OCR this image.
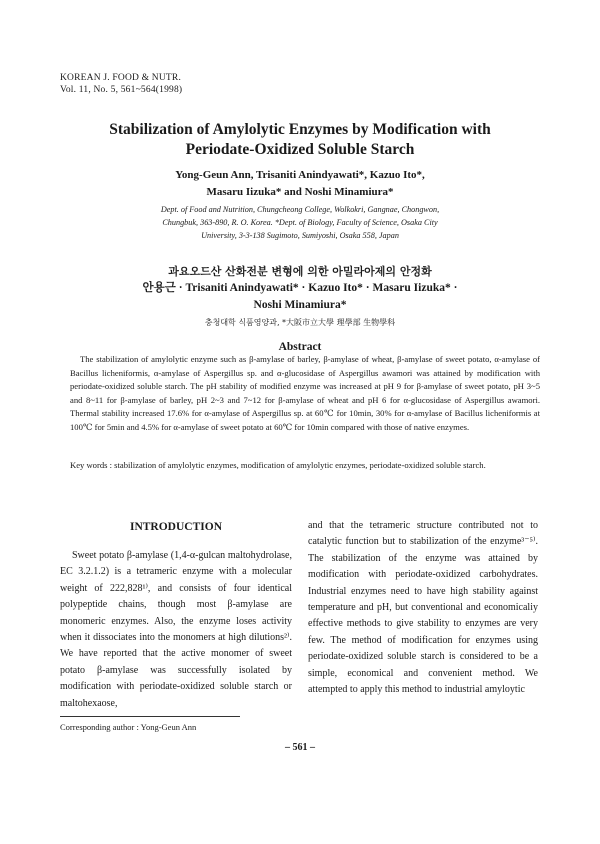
KOREAN J. FOOD & NUTR.
Vol. 11, No. 5, 561~564(1998)
Stabilization of Amylolytic Enzymes by Modification with
Periodate-Oxidized Soluble Starch
Yong-Geun Ann, Trisaniti Anindyawati*, Kazuo Ito*,
Masaru Iizuka* and Noshi Minamiura*
Dept. of Food and Nutrition, Chungcheong College, Wolkokri, Gangnae, Chongwon,
Chungbuk, 363-890, R. O. Korea. *Dept. of Biology, Faculty of Science, Osaka City
University, 3-3-138 Sugimoto, Sumiyoshi, Osaka 558, Japan
과요오드산 산화전분 변형에 의한 아밀라아제의 안정화
안용근 · Trisaniti Anindyawati* · Kazuo Ito* · Masaru Iizuka* ·
Noshi Minamiura*
충청대학 식품영양과, *大阪市立大學 理學部 生物學科
Abstract
The stabilization of amylolytic enzyme such as β-amylase of barley, β-amylase of wheat, β-amylase of sweet potato, α-amylase of Bacillus licheniformis, α-amylase of Aspergillus sp. and α-glucosidase of Aspergillus awamori was attained by modification with periodate-oxidized soluble starch. The pH stability of modified enzyme was increased at pH 9 for β-amylase of sweet potato, pH 3~5 and 8~11 for β-amylase of barley, pH 2~3 and 7~12 for β-amylase of wheat and pH 6 for α-glucosidase of Aspergillus awamori. Thermal stability increased 17.6% for α-amylase of Aspergillus sp. at 60℃ for 10min, 30% for α-amylase of Bacillus licheniformis at 100℃ for 5min and 4.5% for α-amylase of sweet potato at 60℃ for 10min compared with those of native enzymes.
Key words : stabilization of amylolytic enzymes, modification of amylolytic enzymes, periodate-oxidized soluble starch.
INTRODUCTION
Sweet potato β-amylase (1,4-α-gulcan maltohydrolase, EC 3.2.1.2) is a tetrameric enzyme with a molecular weight of 222,828¹⁾, and consists of four identical polypeptide chains, though most β-amylase are monomeric enzymes. Also, the enzyme loses activity when it dissociates into the monomers at high dilutions²⁾. We have reported that the active monomer of sweet potato β-amylase was successfully isolated by modification with periodate-oxidized soluble starch or maltohexaose,
and that the tetrameric structure contributed not to catalytic function but to stabilization of the enzyme³⁻⁵⁾. The stabilization of the enzyme was attained by modification with periodate-oxidized carbohydrates. Industrial enzymes need to have high stability against temperature and pH, but conventional and economicaliy effective methods to give stability to enzymes are very few. The method of modification for enzymes using periodate-oxidized soluble starch is considered to be a simple, economical and convenient method. We attempted to apply this method to industrial amyloytic
Corresponding author : Yong-Geun Ann
– 561 –
